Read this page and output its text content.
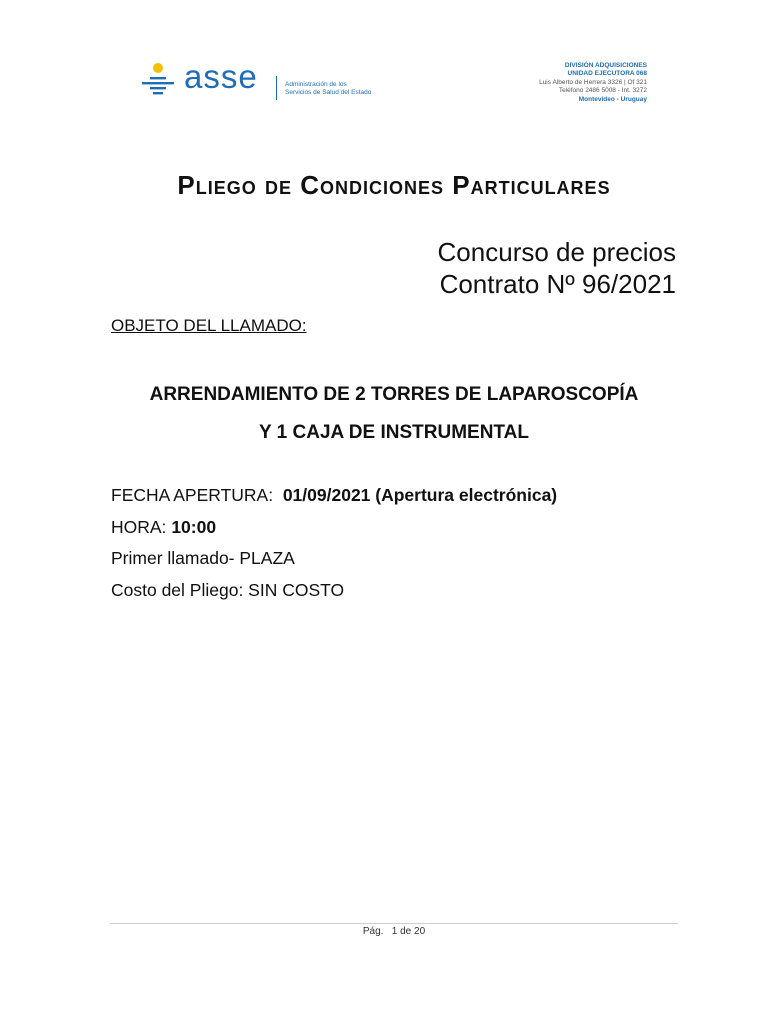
asse	Administración de los
Servicios de Salud del Estado
DIVISIÓN ADQUISICIONES
UNIDAD EJECUTORA 068
Luis Alberto de Herrera 3326 | Of 321
Teléfono 2486 5008 - Int. 3272
Montevideo - Uruguay
Pliego de Condiciones Particulares
Concurso de precios
Contrato Nº 96/2021
OBJETO DEL LLAMADO:
ARRENDAMIENTO DE 2 TORRES DE LAPAROSCOPÍA
Y 1 CAJA DE INSTRUMENTAL
FECHA APERTURA: 01/09/2021 (Apertura electrónica)
HORA: 10:00
Primer llamado- PLAZA
Costo del Pliego: SIN COSTO
Pág. 1 de 20
